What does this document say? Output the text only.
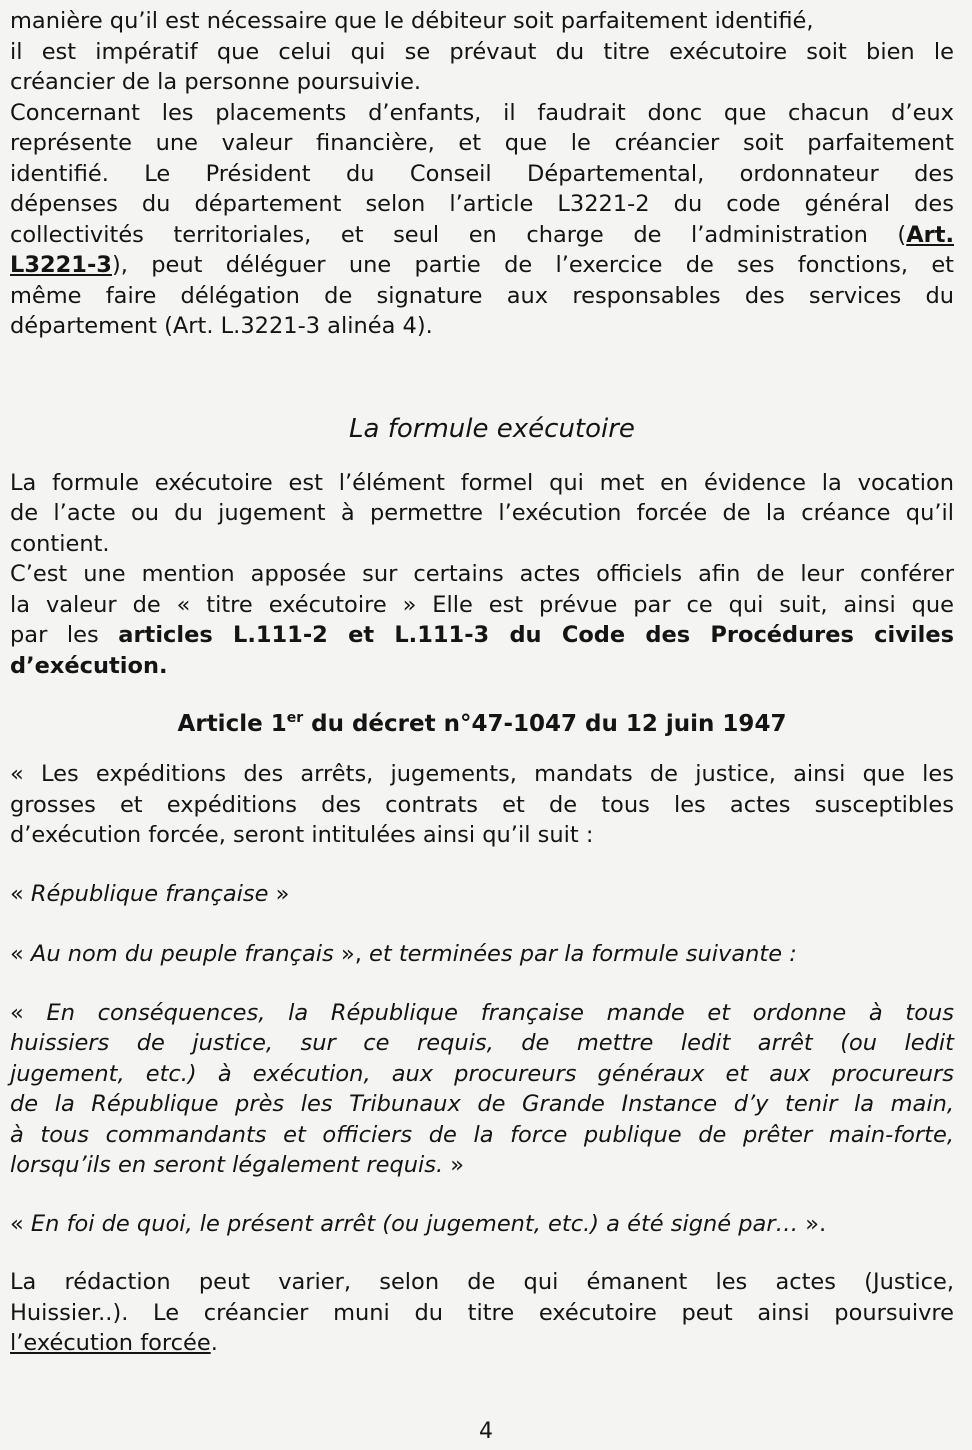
manière qu’il est nécessaire que le débiteur soit parfaitement identifié,
il est impératif que celui qui se prévaut du titre exécutoire soit bien le
créancier de la personne poursuivie.
Concernant les placements d’enfants, il faudrait donc que chacun d’eux
représente une valeur financière, et que le créancier soit parfaitement
identifié. Le Président du Conseil Départemental, ordonnateur des
dépenses du département selon l’article L3221-2 du code général des
collectivités territoriales, et seul en charge de l’administration (Art.
L3221-3), peut déléguer une partie de l’exercice de ses fonctions, et
même faire délégation de signature aux responsables des services du
département (Art. L.3221-3 alinéa 4).
La formule exécutoire
La formule exécutoire est l’élément formel qui met en évidence la vocation
de l’acte ou du jugement à permettre l’exécution forcée de la créance qu’il
contient.
C’est une mention apposée sur certains actes officiels afin de leur conférer
la valeur de « titre exécutoire » Elle est prévue par ce qui suit, ainsi que
par les articles L.111-2 et L.111-3 du Code des Procédures civiles
d’exécution.
Article 1er du décret n°47-1047 du 12 juin 1947
« Les expéditions des arrêts, jugements, mandats de justice, ainsi que les
grosses et expéditions des contrats et de tous les actes susceptibles
d’exécution forcée, seront intitulées ainsi qu’il suit :
« République française »
« Au nom du peuple français », et terminées par la formule suivante :
« En conséquences, la République française mande et ordonne à tous
huissiers de justice, sur ce requis, de mettre ledit arrêt (ou ledit
jugement, etc.) à exécution, aux procureurs généraux et aux procureurs
de la République près les Tribunaux de Grande Instance d’y tenir la main,
à tous commandants et officiers de la force publique de prêter main-forte,
lorsqu’ils en seront légalement requis. »
« En foi de quoi, le présent arrêt (ou jugement, etc.) a été signé par… ».
La rédaction peut varier, selon de qui émanent les actes (Justice,
Huissier..). Le créancier muni du titre exécutoire peut ainsi poursuivre
l’exécution forcée.
4
